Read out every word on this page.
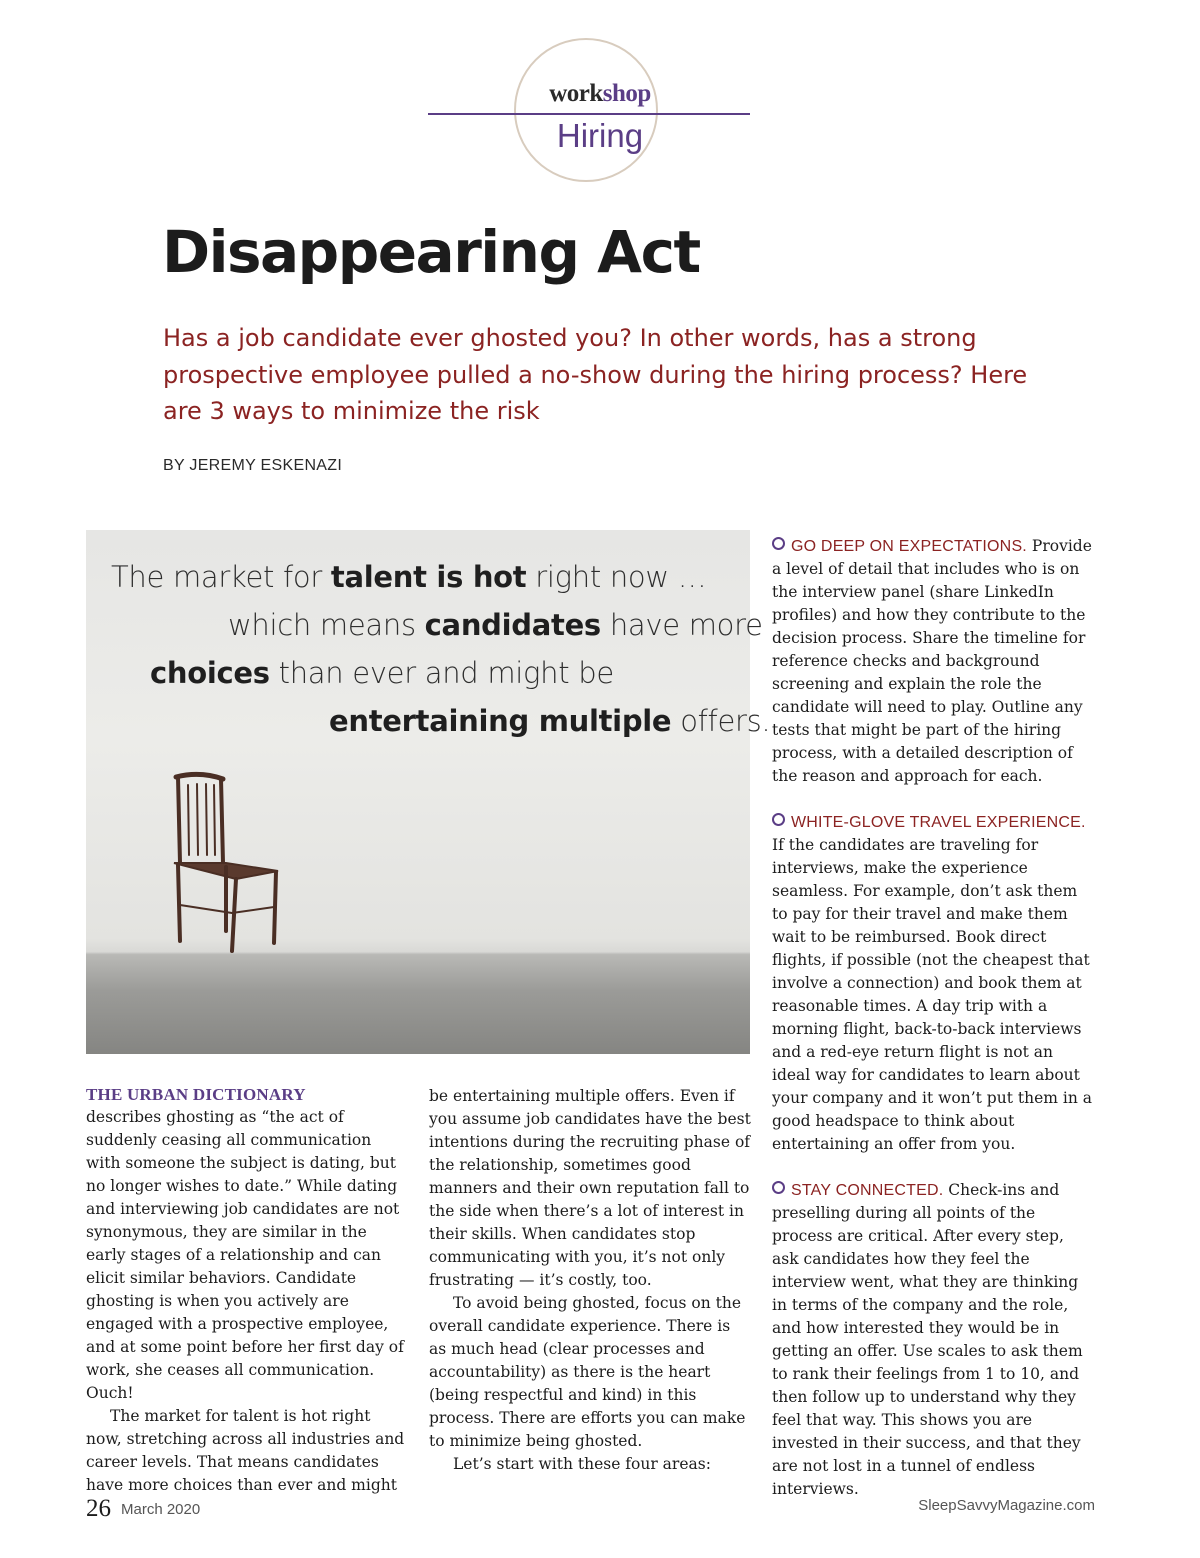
workshop
Hiring
Disappearing Act

Has a job candidate ever ghosted you? In other words, has a strong prospective employee pulled a no-show during the hiring process? Here are 3 ways to minimize the risk

BY JEREMY ESKENAZI
The market for talent is hot right now …
which means candidates have more
choices than ever and might be
entertaining multiple offers.
THE URBAN DICTIONARY

describes ghosting as “the act of suddenly ceasing all communication with someone the subject is dating, but no longer wishes to date.” While dating and interviewing job candidates are not synonymous, they are similar in the early stages of a relationship and can elicit similar behaviors. Candidate ghosting is when you actively are engaged with a prospective employee, and at some point before her first day of work, she ceases all communication. Ouch!

The market for talent is hot right now, stretching across all industries and career levels. That means candidates have more choices than ever and might

be entertaining multiple offers. Even if you assume job candidates have the best intentions during the recruiting phase of the relationship, sometimes good manners and their own reputation fall to the side when there’s a lot of interest in their skills. When candidates stop communicating with you, it’s not only frustrating — it’s costly, too.

To avoid being ghosted, focus on the overall candidate experience. There is as much head (clear processes and accountability) as there is the heart (being respectful and kind) in this process. There are efforts you can make to minimize being ghosted.

Let’s start with these four areas:

GO DEEP ON EXPECTATIONS. Provide a level of detail that includes who is on the interview panel (share LinkedIn profiles) and how they contribute to the decision process. Share the timeline for reference checks and background screening and explain the role the candidate will need to play. Outline any tests that might be part of the hiring process, with a detailed description of the reason and approach for each.

WHITE-GLOVE TRAVEL EXPERIENCE. If the candidates are traveling for interviews, make the experience seamless. For example, don’t ask them to pay for their travel and make them wait to be reimbursed. Book direct flights, if possible (not the cheapest that involve a connection) and book them at reasonable times. A day trip with a morning flight, back-to-back interviews and a red-eye return flight is not an ideal way for candidates to learn about your company and it won’t put them in a good headspace to think about entertaining an offer from you.

STAY CONNECTED. Check-ins and preselling during all points of the process are critical. After every step, ask candidates how they feel the interview went, what they are thinking in terms of the company and the role, and how interested they would be in getting an offer. Use scales to ask them to rank their feelings from 1 to 10, and then follow up to understand why they feel that way. This shows you are invested in their success, and that they are not lost in a tunnel of endless interviews.

26 March 2020	SleepSavvyMagazine.com
